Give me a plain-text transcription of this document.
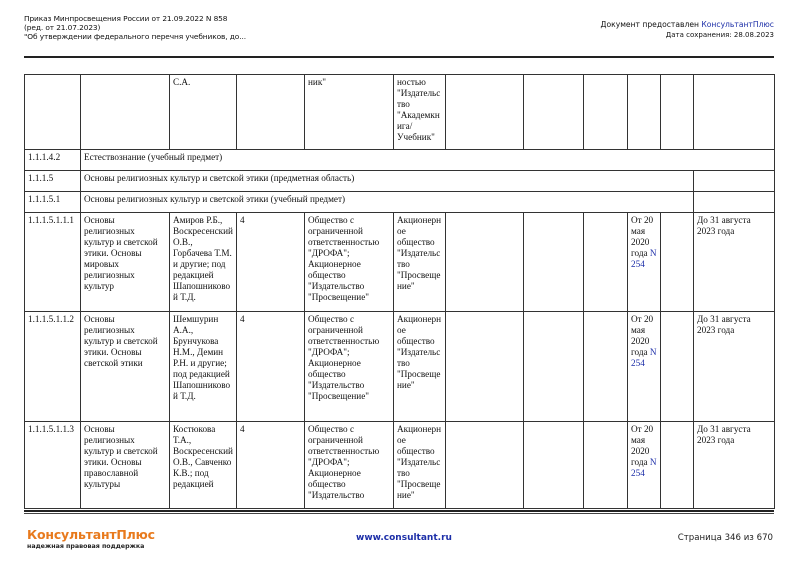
Приказ Минпросвещения России от 21.09.2022 N 858
(ред. от 21.07.2023)
"Об утверждении федерального перечня учебников, до...
Документ предоставлен КонсультантПлюс
Дата сохранения: 28.08.2023
		С.А.		ник"	ностью "Издательство "Академкнига/Учебник"						
1.1.1.4.2	Естествознание (учебный предмет)										
1.1.1.5	Основы религиозных культур и светской этики (предметная область)										
1.1.1.5.1	Основы религиозных культур и светской этики (учебный предмет)										
1.1.1.5.1.1.1	Основы религиозных культур и светской этики. Основы мировых религиозных культур	Амиров Р.Б., Воскресенский О.В., Горбачева Т.М. и другие; под редакцией Шапошниковой Т.Д.	4	Общество с ограниченной ответственностью "ДРОФА"; Акционерное общество "Издательство "Просвещение"	Акционерное общество "Издательство "Просвещение"				От 20 мая 2020 года N 254		До 31 августа 2023 года
1.1.1.5.1.1.2	Основы религиозных культур и светской этики. Основы светской этики	Шемшурин А.А., Брунчукова Н.М., Демин Р.Н. и другие; под редакцией Шапошниковой Т.Д.	4	Общество с ограниченной ответственностью "ДРОФА"; Акционерное общество "Издательство "Просвещение"	Акционерное общество "Издательство "Просвещение"				От 20 мая 2020 года N 254		До 31 августа 2023 года
1.1.1.5.1.1.3	Основы религиозных культур и светской этики. Основы православной культуры	Костюкова Т.А., Воскресенский О.В., Савченко К.В.; под редакцией	4	Общество с ограниченной ответственностью "ДРОФА"; Акционерное общество "Издательство	Акционерное общество "Издательство "Просвещение"				От 20 мая 2020 года N 254		До 31 августа 2023 года
КонсультантПлюс
надежная правовая поддержка
www.consultant.ru	Страница 346 из 670
